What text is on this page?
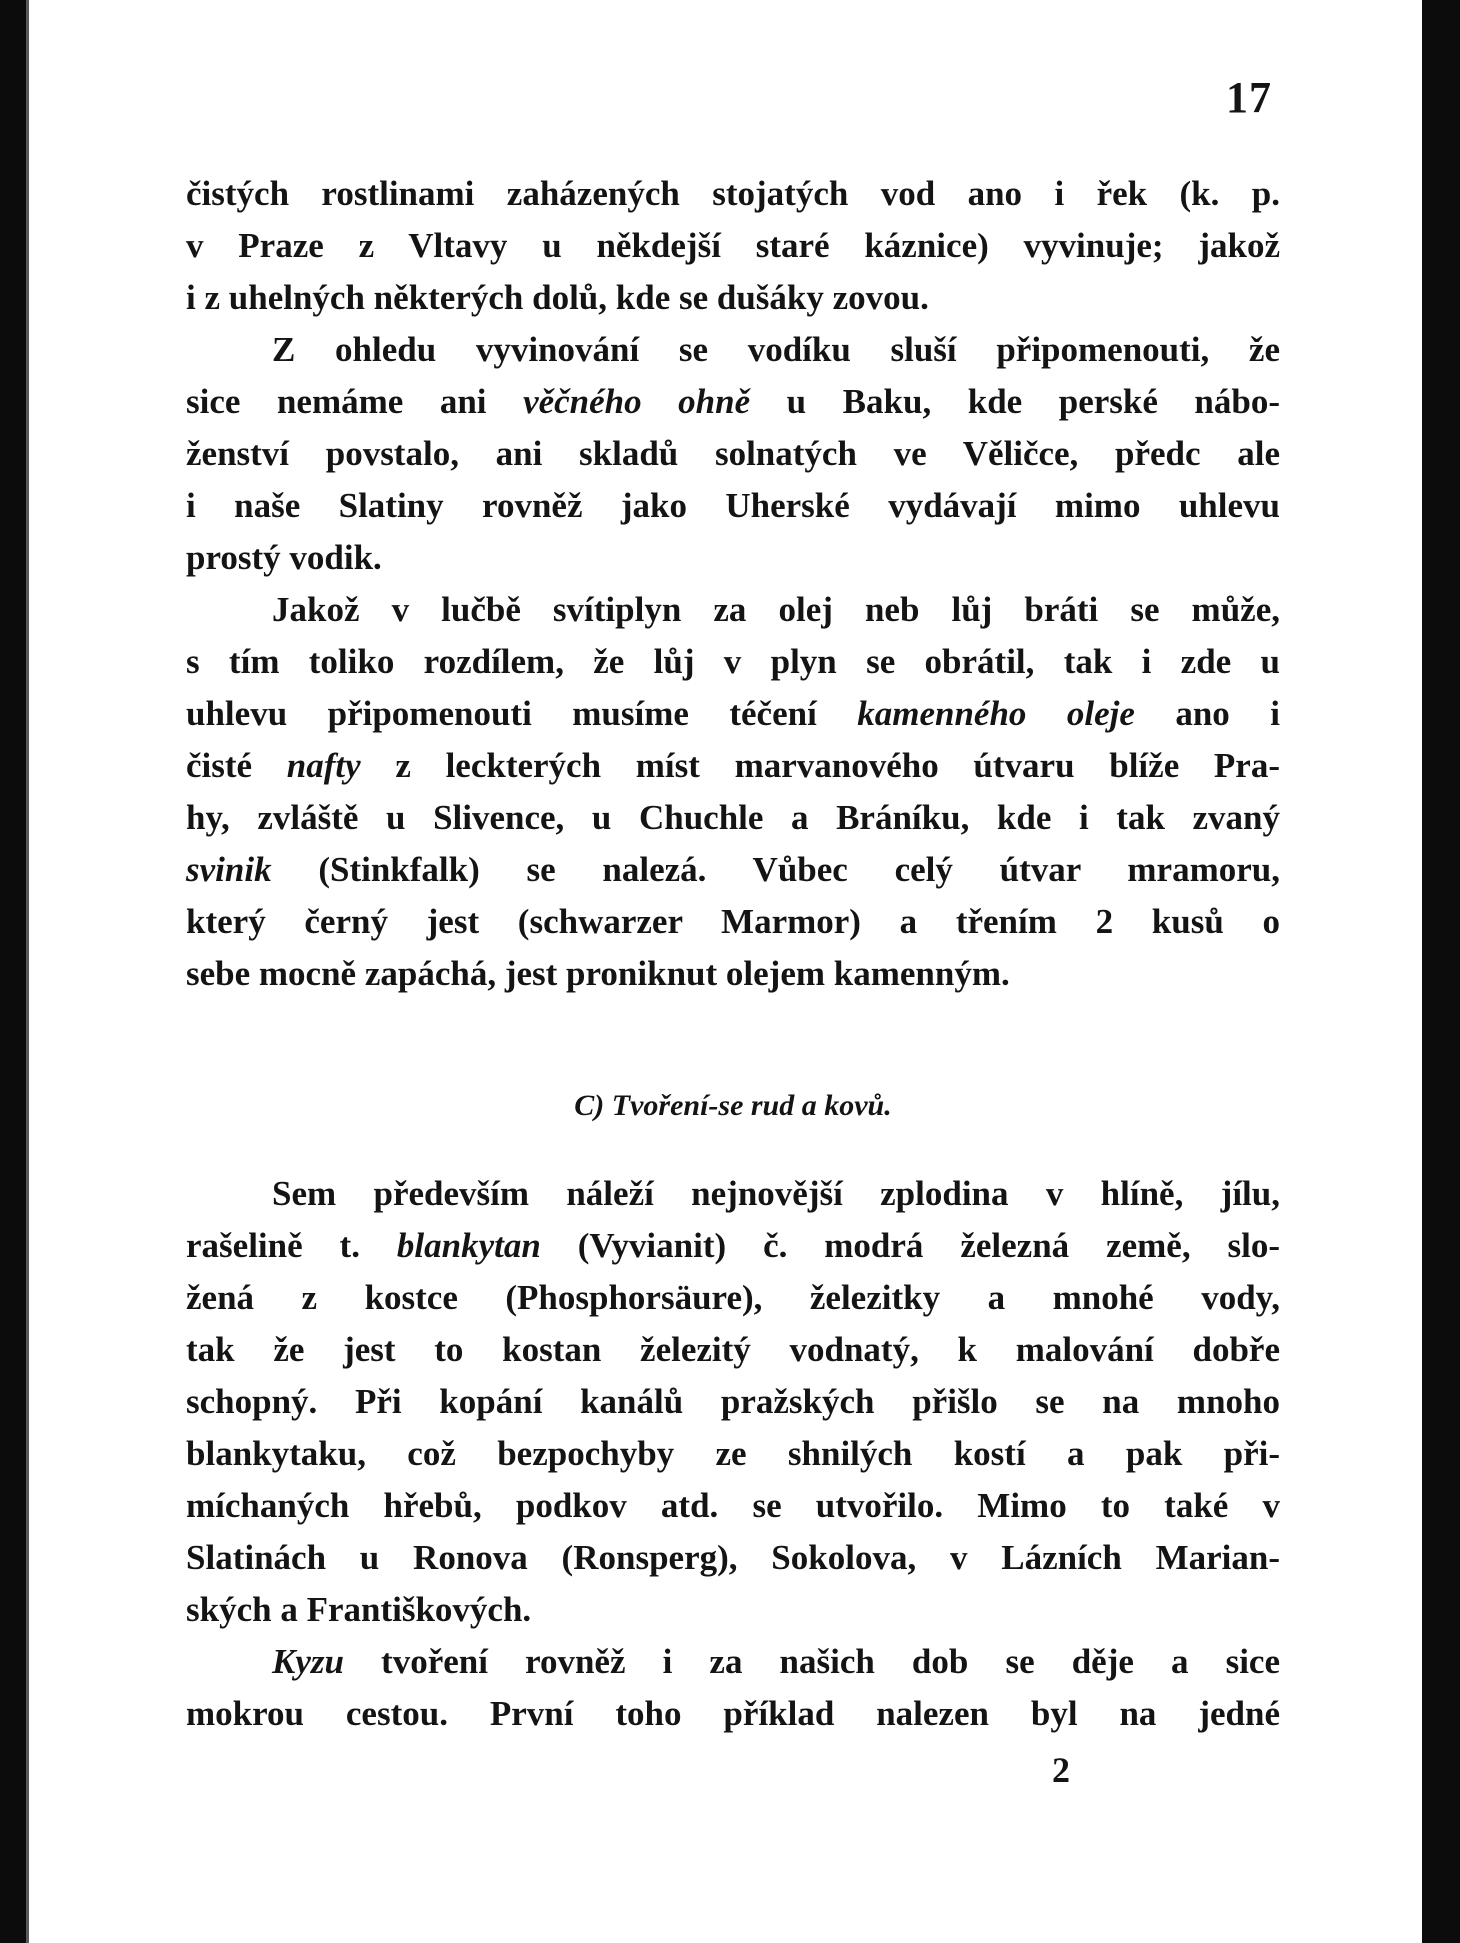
17
čistých rostlinami zaházených stojatých vod ano i řek (k. p.
v Praze z Vltavy u někdejší staré káznice) vyvinuje; jakož
i z uhelných některých dolů, kde se dušáky zovou.
Z ohledu vyvinování se vodíku sluší připomenouti, že
sice nemáme ani věčného ohně u Baku, kde perské nábo-
ženství povstalo, ani skladů solnatých ve Věličce, předc ale
i naše Slatiny rovněž jako Uherské vydávají mimo uhlevu
prostý vodik.
Jakož v lučbě svítiplyn za olej neb lůj bráti se může,
s tím toliko rozdílem, že lůj v plyn se obrátil, tak i zde u
uhlevu připomenouti musíme téčení kamenného oleje ano i
čisté nafty z leckterých míst marvanového útvaru blíže Pra-
hy, zvláště u Slivence, u Chuchle a Bráníku, kde i tak zvaný
svinik (Stinkfalk) se nalezá. Vůbec celý útvar mramoru,
který černý jest (schwarzer Marmor) a třením 2 kusů o
sebe mocně zapáchá, jest proniknut olejem kamenným.
C) Tvoření-se rud a kovů.
Sem především náleží nejnovější zplodina v hlíně, jílu,
rašelině t. blankytan (Vyvianit) č. modrá železná země, slo-
žená z kostce (Phosphorsäure), železitky a mnohé vody,
tak že jest to kostan železitý vodnatý, k malování dobře
schopný. Při kopání kanálů pražských přišlo se na mnoho
blankytaku, což bezpochyby ze shnilých kostí a pak při-
míchaných hřebů, podkov atd. se utvořilo. Mimo to také v
Slatinách u Ronova (Ronsperg), Sokolova, v Lázních Marian-
ských a Františkových.
Kyzu tvoření rovněž i za našich dob se děje a sice
mokrou cestou. První toho příklad nalezen byl na jedné
2
